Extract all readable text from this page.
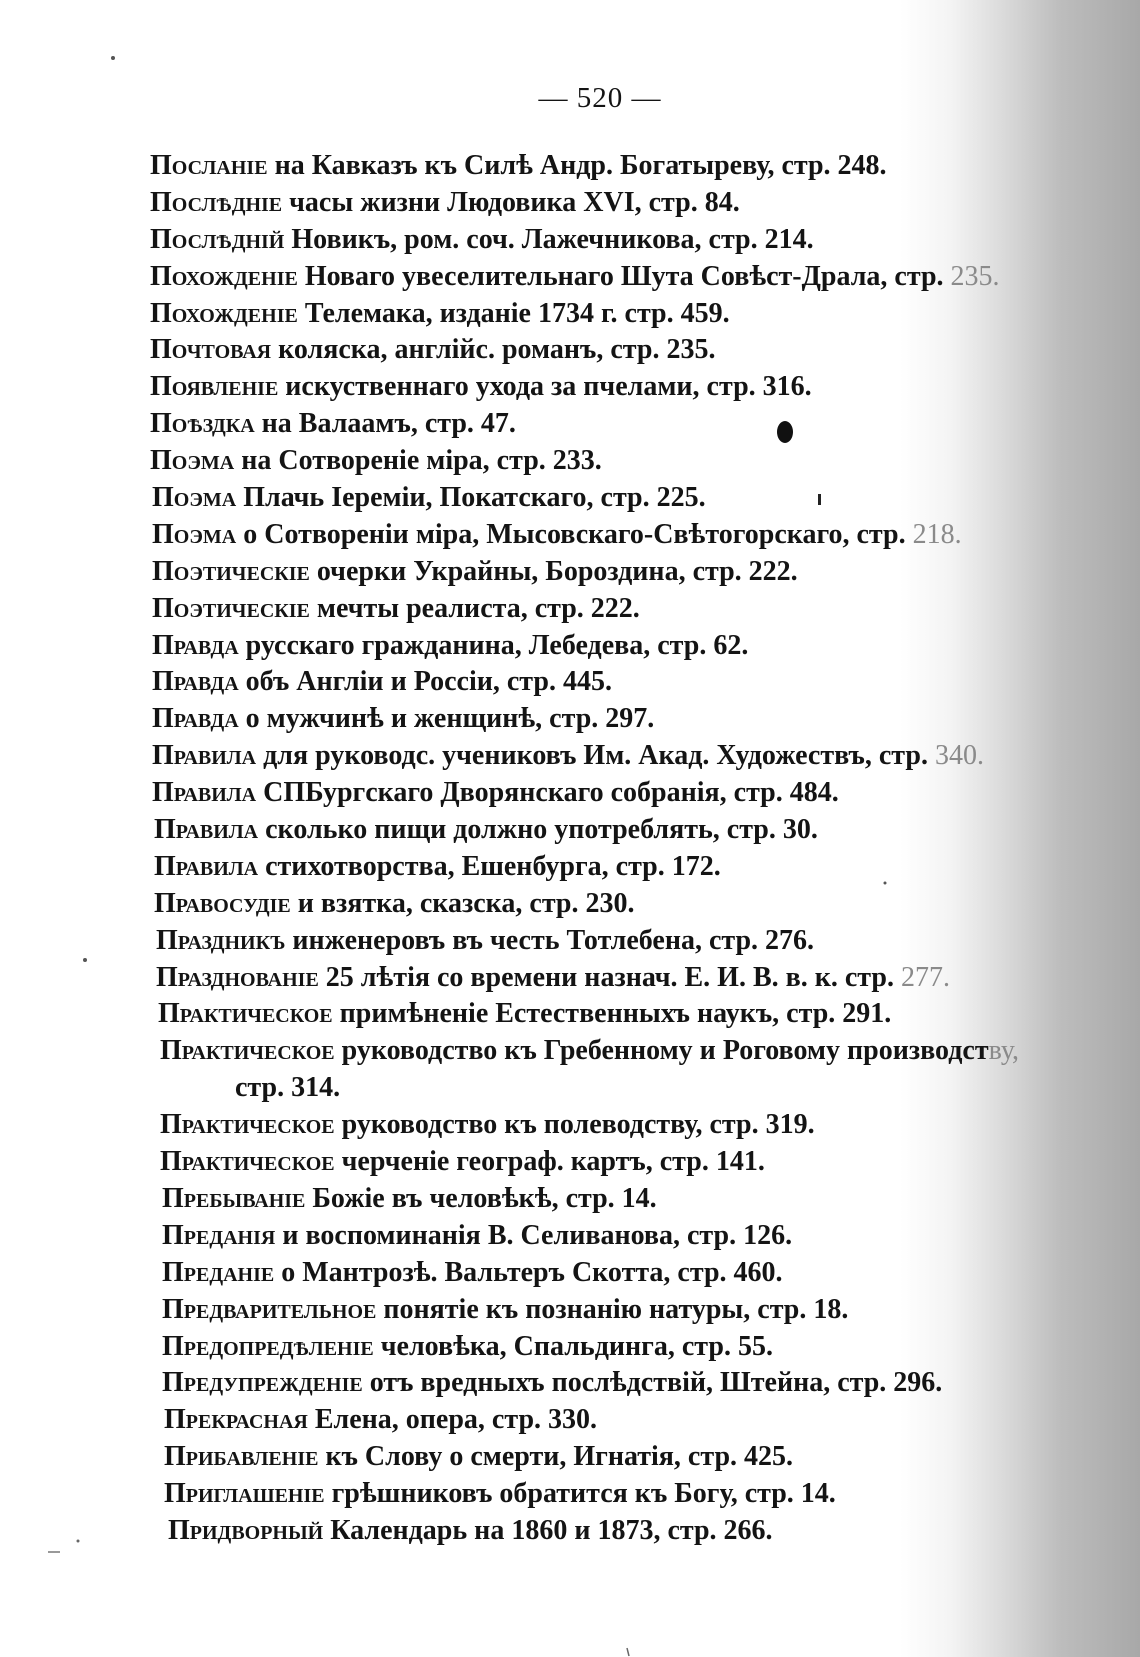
— 520 —
Посланіе на Кавказъ къ Силѣ Андр. Богатыреву, стр. 248.
Послѣдніе часы жизни Людовика XVI, стр. 84.
Послѣдній Новикъ, ром. соч. Лажечникова, стр. 214.
Похожденіе Новаго увеселительнаго Шута Совѣст-Драла, стр. 235.
Похожденіе Телемака, изданіе 1734 г. стр. 459.
Почтовая коляска, англійс. романъ, стр. 235.
Появленіе искуственнаго ухода за пчелами, стр. 316.
Поѣздка на Валаамъ, стр. 47.
Поэма на Сотвореніе міра, стр. 233.
Поэма Плачь Іереміи, Покатскаго, стр. 225.
Поэма о Сотвореніи міра, Мысовскаго-Свѣтогорскаго, стр. 218.
Поэтическіе очерки Украйны, Бороздина, стр. 222.
Поэтическіе мечты реалиста, стр. 222.
Правда русскаго гражданина, Лебедева, стр. 62.
Правда объ Англіи и Россіи, стр. 445.
Правда о мужчинѣ и женщинѣ, стр. 297.
Правила для руководс. учениковъ Им. Акад. Художествъ, стр. 340.
Правила СПБургскаго Дворянскаго собранія, стр. 484.
Правила сколько пищи должно употреблять, стр. 30.
Правила стихотворства, Ешенбурга, стр. 172.
Правосудіе и взятка, сказска, стр. 230.
Праздникъ инженеровъ въ честь Тотлебена, стр. 276.
Празднованіе 25 лѣтія со времени назнач. Е. И. В. в. к. стр. 277.
Практическое примѣненіе Естественныхъ наукъ, стр. 291.
Практическое руководство къ Гребенному и Роговому производству,
стр. 314.
Практическое руководство къ полеводству, стр. 319.
Практическое черченіе географ. картъ, стр. 141.
Пребываніе Божіе въ человѣкѣ, стр. 14.
Преданія и воспоминанія В. Селиванова, стр. 126.
Преданіе о Мантрозѣ. Вальтеръ Скотта, стр. 460.
Предварительное понятіе къ познанію натуры, стр. 18.
Предопредѣленіе человѣка, Спальдинга, стр. 55.
Предупрежденіе отъ вредныхъ послѣдствій, Штейна, стр. 296.
Прекрасная Елена, опера, стр. 330.
Прибавленіе къ Слову о смерти, Игнатія, стр. 425.
Приглашеніе грѣшниковъ обратится къ Богу, стр. 14.
Придворный Календарь на 1860 и 1873, стр. 266.
